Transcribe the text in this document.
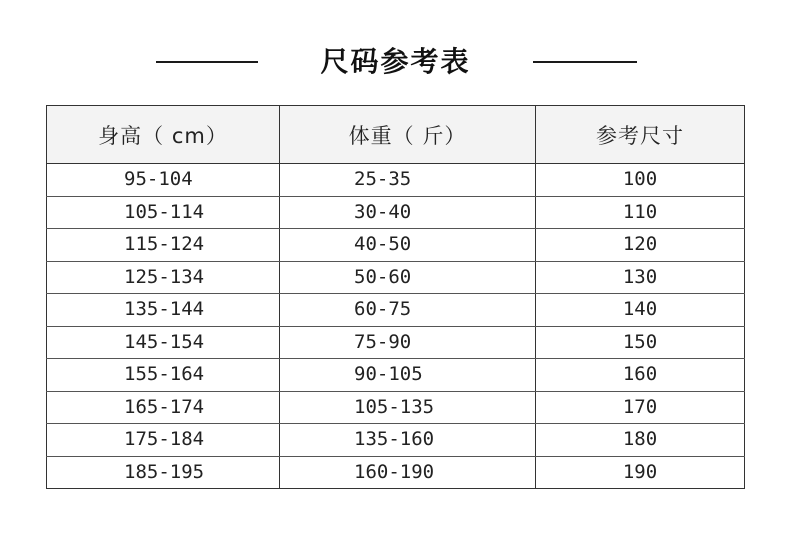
尺码参考表
身高（ cm）	体重（ 斤）	参考尺寸
95-104	25-35	100
105-114	30-40	110
115-124	40-50	120
125-134	50-60	130
135-144	60-75	140
145-154	75-90	150
155-164	90-105	160
165-174	105-135	170
175-184	135-160	180
185-195	160-190	190
